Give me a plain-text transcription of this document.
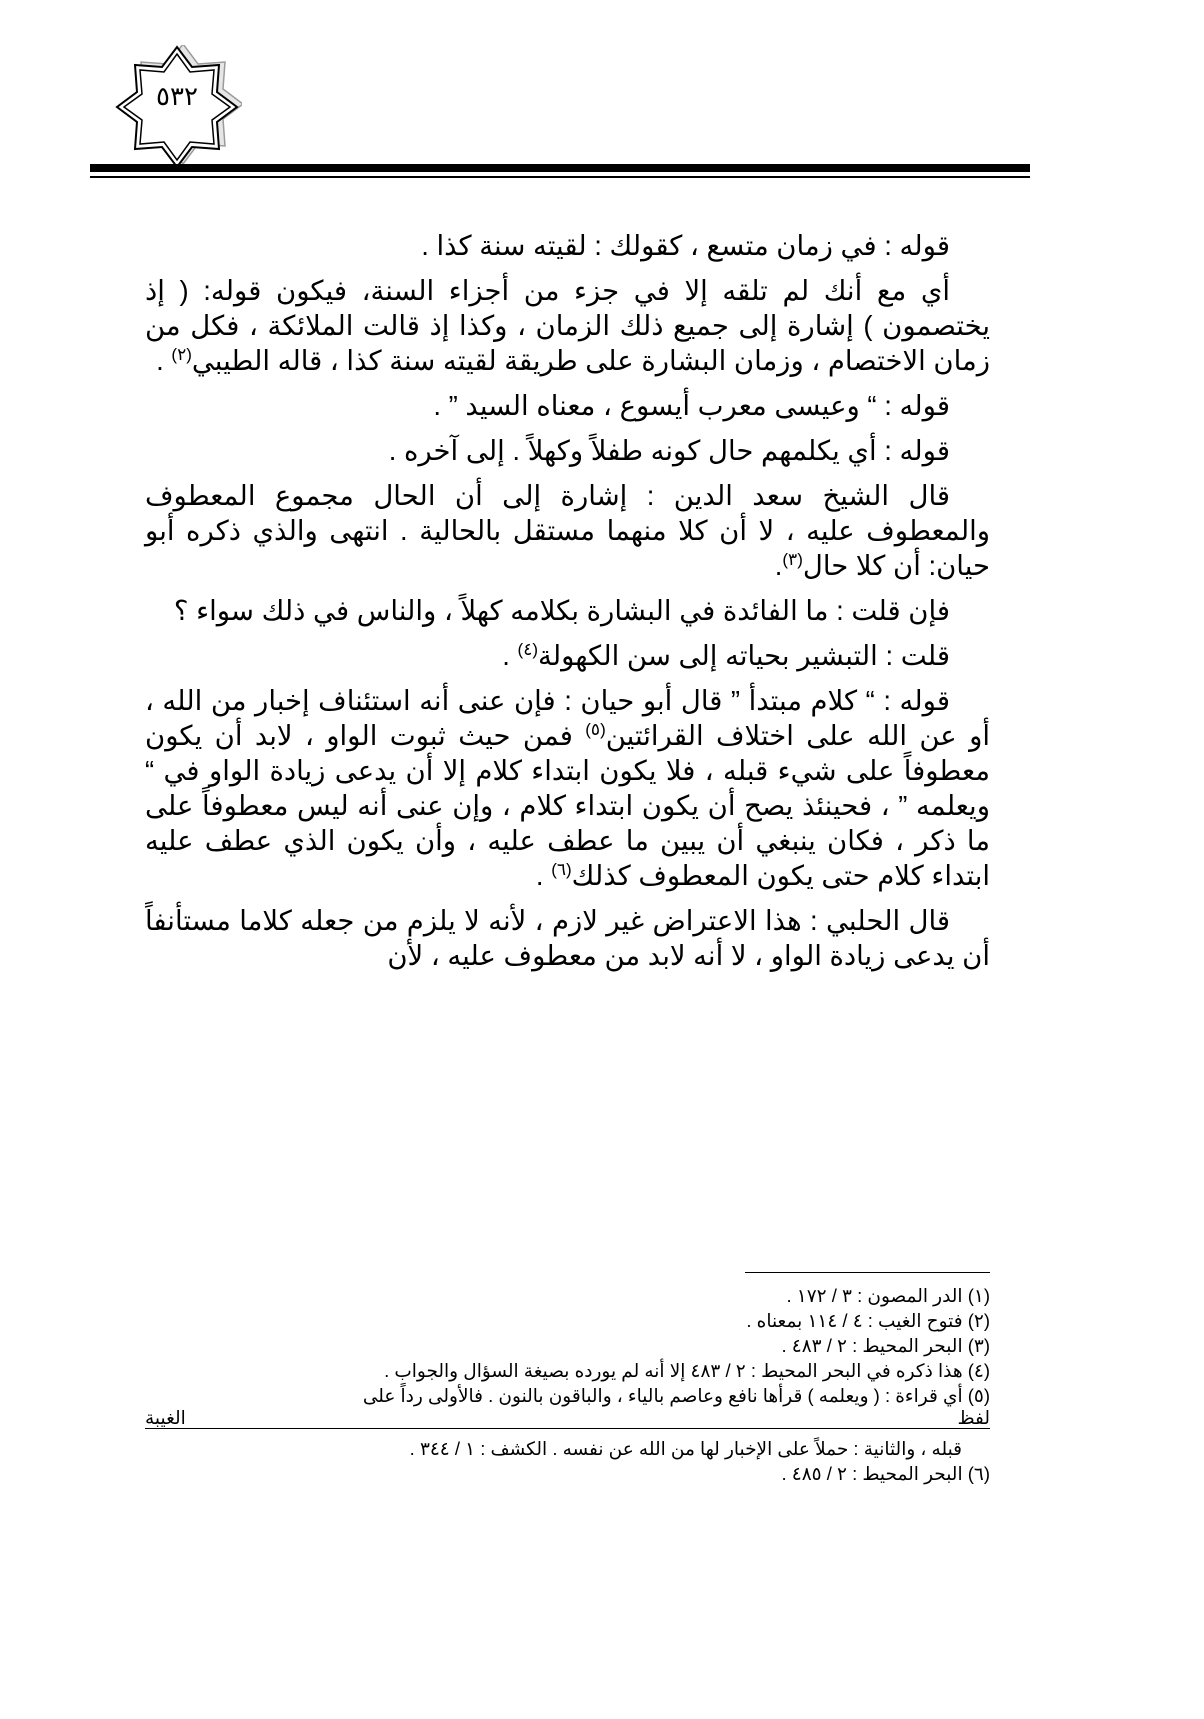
٥٣٢

قوله : في زمان متسع ، كقولك : لقيته سنة كذا .

أي مع أنك لم تلقه إلا في جزء من أجزاء السنة، فيكون قوله: ( إذ يختصمون ) إشارة إلى جميع ذلك الزمان ، وكذا إذ قالت الملائكة ، فكل من زمان الاختصام ، وزمان البشارة على طريقة لقيته سنة كذا ، قاله الطيبي$^{(٢)}$ .

قوله : “ وعيسى معرب أيسوع ، معناه السيد ” .

قوله : أي يكلمهم حال كونه طفلاً وكهلاً . إلى آخره .

قال الشيخ سعد الدين : إشارة إلى أن الحال مجموع المعطوف والمعطوف عليه ، لا أن كلا منهما مستقل بالحالية . انتهى والذي ذكره أبو حيان: أن كلا حال$^{(٣)}$.

فإن قلت : ما الفائدة في البشارة بكلامه كهلاً ، والناس في ذلك سواء ؟

قلت : التبشير بحياته إلى سن الكهولة$^{(٤)}$ .

قوله : “ كلام مبتدأ ” قال أبو حيان : فإن عنى أنه استئناف إخبار من الله ، أو عن الله على اختلاف القرائتين$^{(٥)}$ فمن حيث ثبوت الواو ، لابد أن يكون معطوفاً على شيء قبله ، فلا يكون ابتداء كلام إلا أن يدعى زيادة الواو في “ ويعلمه ” ، فحينئذ يصح أن يكون ابتداء كلام ، وإن عنى أنه ليس معطوفاً على ما ذكر ، فكان ينبغي أن يبين ما عطف عليه ، وأن يكون الذي عطف عليه ابتداء كلام حتى يكون المعطوف كذلك$^{(٦)}$ .

قال الحلبي : هذا الاعتراض غير لازم ، لأنه لا يلزم من جعله كلاما مستأنفاً أن يدعى زيادة الواو ، لا أنه لابد من معطوف عليه ، لأن

(١) الدر المصون : ٣ / ١٧٢ .

(٢) فتوح الغيب : ٤ / ١١٤ بمعناه .

(٣) البحر المحيط : ٢ / ٤٨٣ .

(٤) هذا ذكره في البحر المحيط : ٢ / ٤٨٣ إلا أنه لم يورده بصيغة السؤال والجواب .

(٥) أي قراءة : ( ويعلمه ) قرأها نافع وعاصم بالياء ، والباقون بالنون . فالأولى رداً على

لفظ الغيبة

قبله ، والثانية : حملاً على الإخبار لها من الله عن نفسه . الكشف : ١ / ٣٤٤ .

(٦) البحر المحيط : ٢ / ٤٨٥ .
